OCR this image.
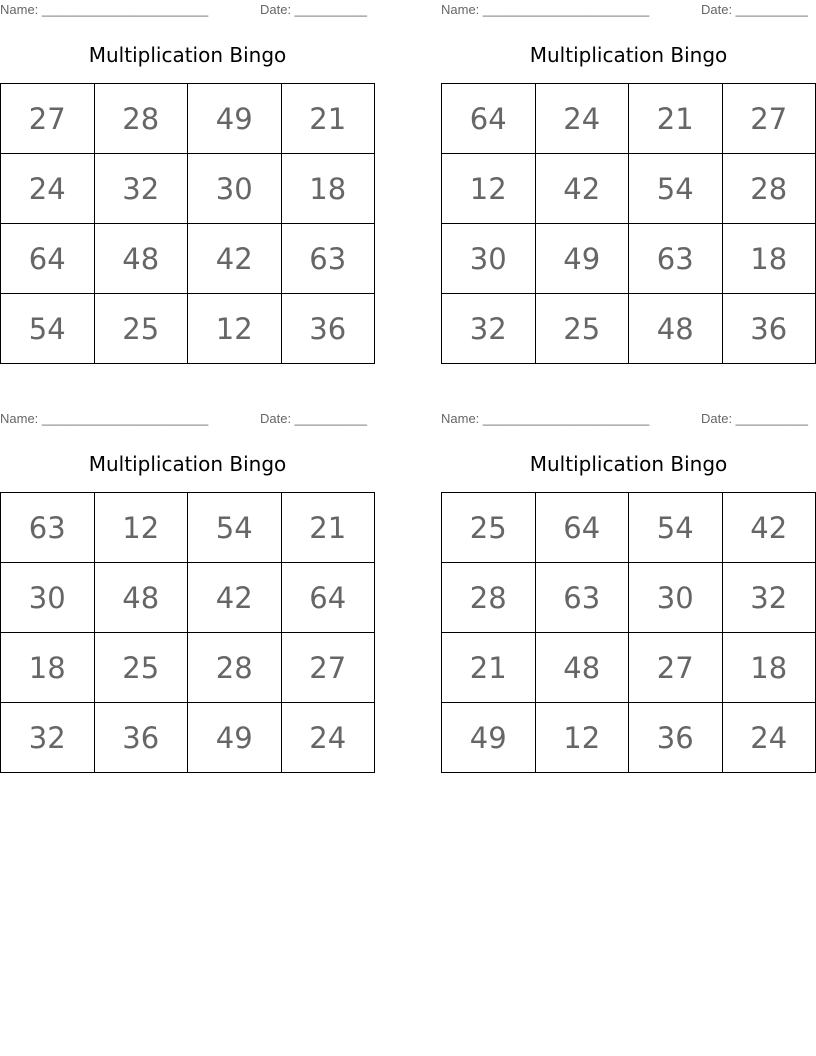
Name: _______________________	Date: __________
Multiplication Bingo
27	28	49	21
24	32	30	18
64	48	42	63
54	25	12	36
Name: _______________________	Date: __________
Multiplication Bingo
64	24	21	27
12	42	54	28
30	49	63	18
32	25	48	36
Name: _______________________	Date: __________
Multiplication Bingo
63	12	54	21
30	48	42	64
18	25	28	27
32	36	49	24
Name: _______________________	Date: __________
Multiplication Bingo
25	64	54	42
28	63	30	32
21	48	27	18
49	12	36	24
